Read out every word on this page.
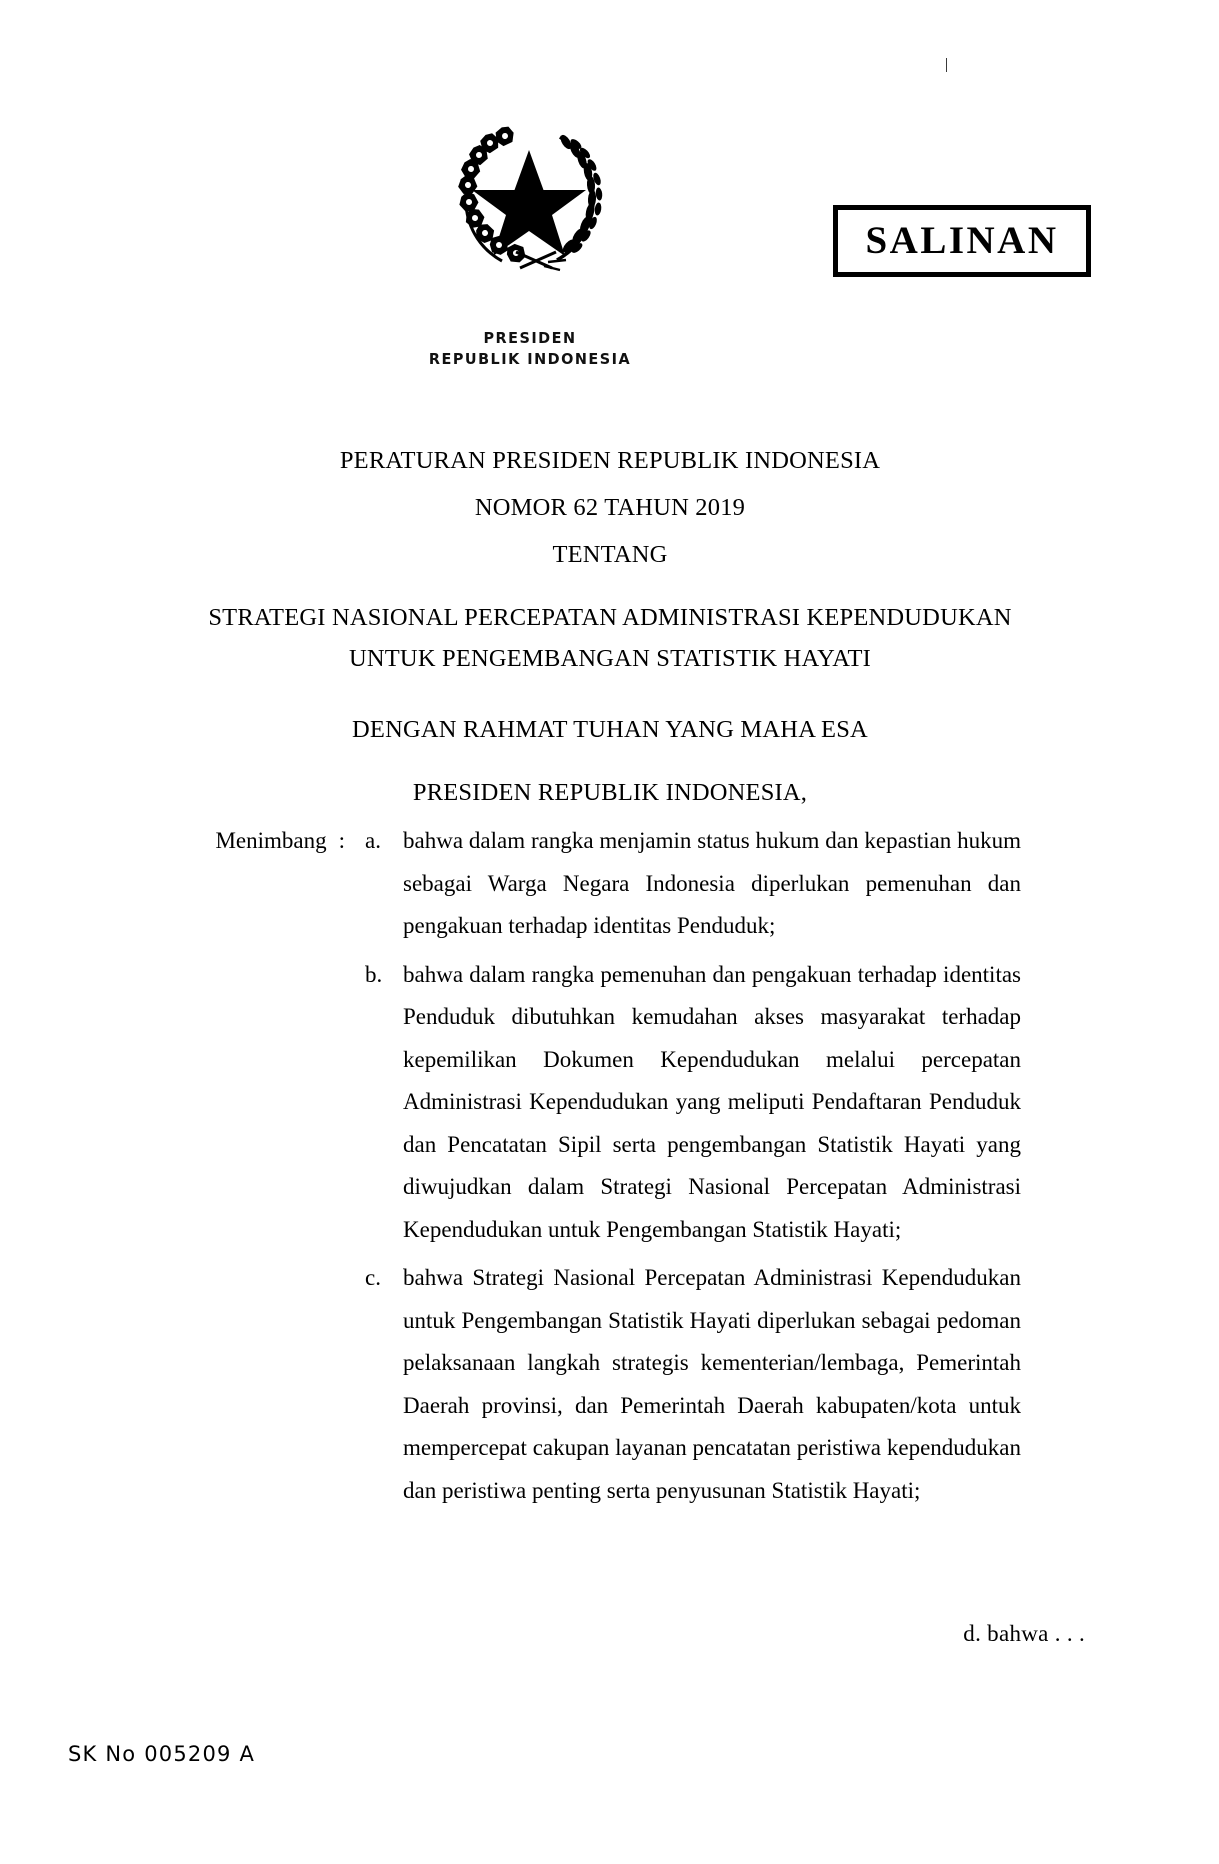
SALINAN
PRESIDEN
REPUBLIK INDONESIA
PERATURAN PRESIDEN REPUBLIK INDONESIA
NOMOR 62 TAHUN 2019
TENTANG
STRATEGI NASIONAL PERCEPATAN ADMINISTRASI KEPENDUDUKAN
UNTUK PENGEMBANGAN STATISTIK HAYATI
DENGAN RAHMAT TUHAN YANG MAHA ESA
PRESIDEN REPUBLIK INDONESIA,
Menimbang : a. bahwa dalam rangka menjamin status hukum dan kepastian hukum sebagai Warga Negara Indonesia diperlukan pemenuhan dan pengakuan terhadap identitas Penduduk;

b. bahwa dalam rangka pemenuhan dan pengakuan terhadap identitas Penduduk dibutuhkan kemudahan akses masyarakat terhadap kepemilikan Dokumen Kependudukan melalui percepatan Administrasi Kependudukan yang meliputi Pendaftaran Penduduk dan Pencatatan Sipil serta pengembangan Statistik Hayati yang diwujudkan dalam Strategi Nasional Percepatan Administrasi Kependudukan untuk Pengembangan Statistik Hayati;

c. bahwa Strategi Nasional Percepatan Administrasi Kependudukan untuk Pengembangan Statistik Hayati diperlukan sebagai pedoman pelaksanaan langkah strategis kementerian/lembaga, Pemerintah Daerah provinsi, dan Pemerintah Daerah kabupaten/kota untuk mempercepat cakupan layanan pencatatan peristiwa kependudukan dan peristiwa penting serta penyusunan Statistik Hayati;

d. bahwa . . .
SK No 005209 A
